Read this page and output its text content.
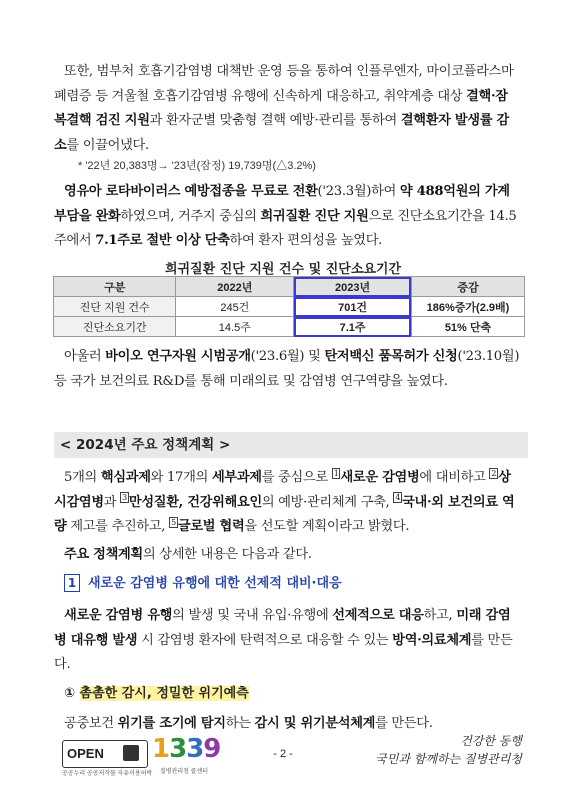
또한, 범부처 호흡기감염병 대책반 운영 등을 통하여 인플루엔자, 마이코플라스마 폐렴증 등 겨울철 호흡기감염병 유행에 신속하게 대응하고, 취약계층 대상 결핵·잠복결핵 검진 지원과 환자군별 맞춤형 결핵 예방·관리를 통하여 결핵환자 발생률 감소를 이끌어냈다.

* '22년 20,383명→ '23년(잠정) 19,739명(△3.2%)

영유아 로타바이러스 예방접종을 무료로 전환('23.3월)하여 약 488억원의 가계부담을 완화하였으며, 거주지 중심의 희귀질환 진단 지원으로 진단소요기간을 14.5주에서 7.1주로 절반 이상 단축하여 환자 편의성을 높였다.

희귀질환 진단 지원 건수 및 진단소요기간
구분	2022년	2023년	증감
진단 지원 건수	245건	701건	186%증가(2.9배)
진단소요기간	14.5주	7.1주	51% 단축

아울러 바이오 연구자원 시범공개('23.6월) 및 탄저백신 품목허가 신청('23.10월) 등 국가 보건의료 R&D를 통해 미래의료 및 감염병 연구역량을 높였다.

< 2024년 주요 정책계획 >

5개의 핵심과제와 17개의 세부과제를 중심으로 $^1$ 새로운 감염병에 대비하고 $^2$ 상시감염병과 $^3$ 만성질환, 건강위해요인의 예방·관리체계 구축, $^4$ 국내·외 보건의료 역량 제고를 추진하고, $^5$ 글로벌 협력을 선도할 계획이라고 밝혔다.

주요 정책계획의 상세한 내용은 다음과 같다.

1 새로운 감염병 유행에 대한 선제적 대비·대응

새로운 감염병 유행의 발생 및 국내 유입·유행에 선제적으로 대응하고, 미래 감염병 대유행 발생 시 감염병 환자에 탄력적으로 대응할 수 있는 방역·의료체계를 만든다.

① 촘촘한 감시, 정밀한 위기예측

공중보건 위기를 조기에 탐지하는 감시 및 위기분석체계를 만든다.

OPEN
공공누리 공공저작물 자유이용허락
1339
질병관리청 콜센터
- 2 -
건강한 동행
국민과 함께하는 질병관리청
